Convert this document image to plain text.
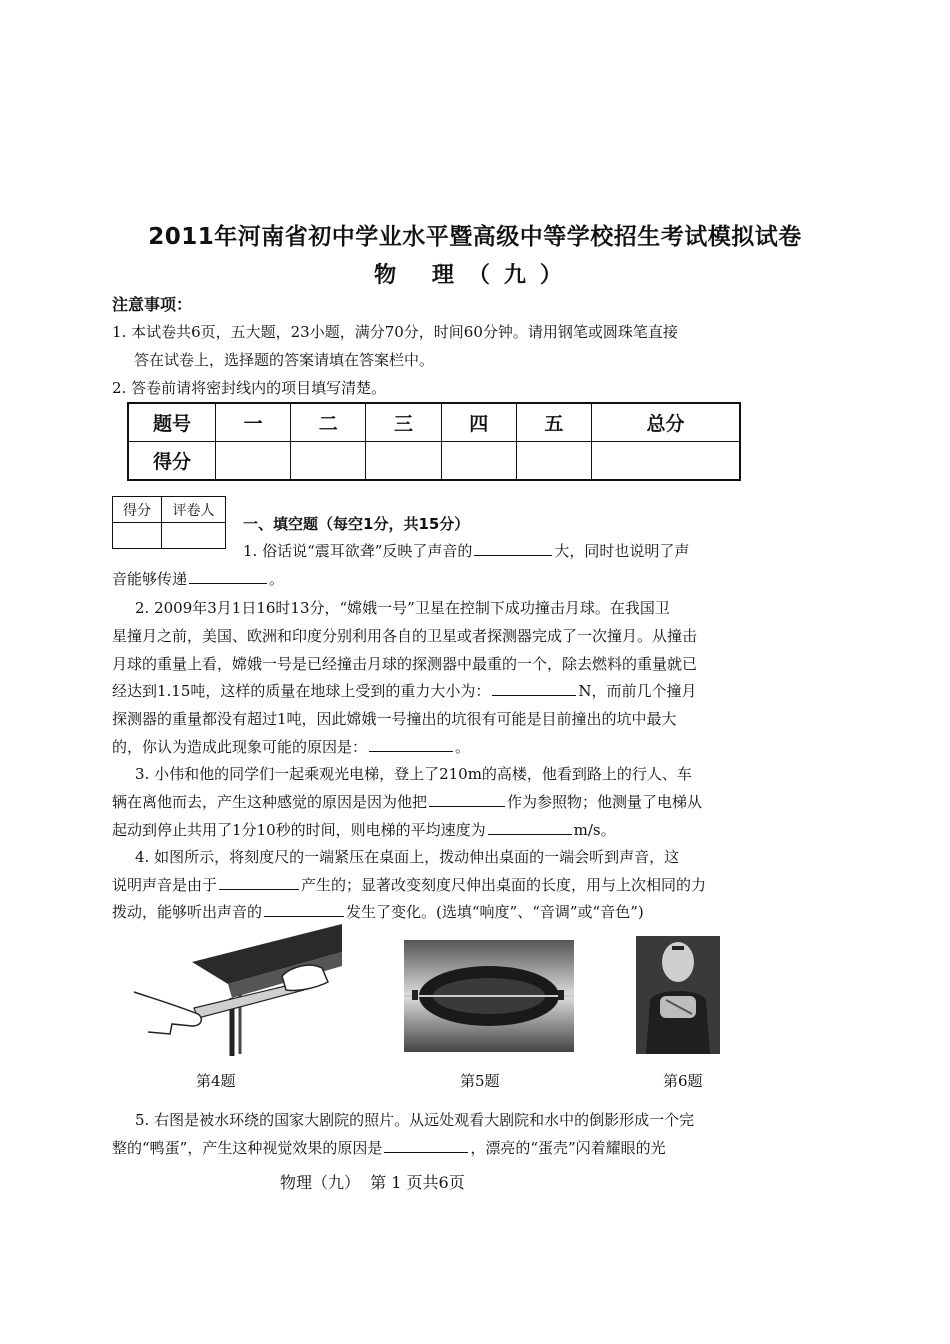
2011年河南省初中学业水平暨高级中等学校招生考试模拟试卷
物 理（九）
注意事项：
1. 本试卷共6页，五大题，23小题，满分70分，时间60分钟。请用钢笔或圆珠笔直接
答在试卷上，选择题的答案请填在答案栏中。
2. 答卷前请将密封线内的项目填写清楚。
题号	一	二	三	四	五	总分
得分						
得分	评卷人

一、填空题（每空1分，共15分）
1. 俗话说“震耳欲聋”反映了声音的	大，同时也说明了声
音能够传递	。
2. 2009年3月1日16时13分，“嫦娥一号”卫星在控制下成功撞击月球。在我国卫
星撞月之前，美国、欧洲和印度分别利用各自的卫星或者探测器完成了一次撞月。从撞击
月球的重量上看，嫦娥一号是已经撞击月球的探测器中最重的一个，除去燃料的重量就已
经达到1.15吨，这样的质量在地球上受到的重力大小为：	N，而前几个撞月
探测器的重量都没有超过1吨，因此嫦娥一号撞出的坑很有可能是目前撞出的坑中最大
的，你认为造成此现象可能的原因是：	。
3. 小伟和他的同学们一起乘观光电梯，登上了210m的高楼，他看到路上的行人、车
辆在离他而去，产生这种感觉的原因是因为他把	作为参照物；他测量了电梯从
起动到停止共用了1分10秒的时间，则电梯的平均速度为	m/s。
4. 如图所示，将刻度尺的一端紧压在桌面上，拨动伸出桌面的一端会听到声音，这
说明声音是由于	产生的；显著改变刻度尺伸出桌面的长度，用与上次相同的力
拨动，能够听出声音的	发生了变化。(选填“响度”、“音调”或“音色”)
第4题	第5题	第6题
5. 右图是被水环绕的国家大剧院的照片。从远处观看大剧院和水中的倒影形成一个完
整的“鸭蛋”，产生这种视觉效果的原因是	，漂亮的“蛋壳”闪着耀眼的光
物理（九）  第 1 页共6页
